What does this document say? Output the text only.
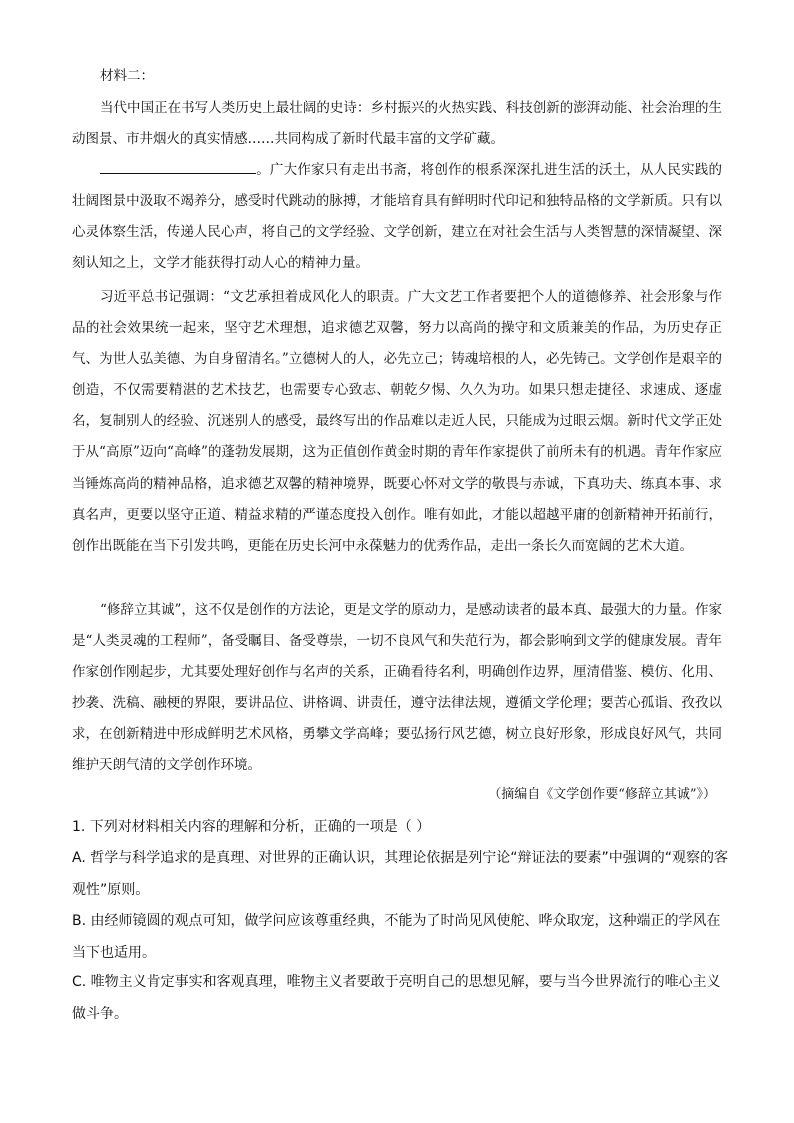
材料二：
当代中国正在书写人类历史上最壮阔的史诗：乡村振兴的火热实践、科技创新的澎湃动能、社会治理的生动图景、市井烟火的真实情感……共同构成了新时代最丰富的文学矿藏。
。广大作家只有走出书斋，将创作的根系深深扎进生活的沃土，从人民实践的壮阔图景中汲取不竭养分，感受时代跳动的脉搏，才能培育具有鲜明时代印记和独特品格的文学新质。只有以心灵体察生活，传递人民心声，将自己的文学经验、文学创新，建立在对社会生活与人类智慧的深情凝望、深刻认知之上，文学才能获得打动人心的精神力量。
习近平总书记强调：“文艺承担着成风化人的职责。广大文艺工作者要把个人的道德修养、社会形象与作品的社会效果统一起来，坚守艺术理想，追求德艺双馨，努力以高尚的操守和文质兼美的作品，为历史存正气、为世人弘美德、为自身留清名。”立德树人的人，必先立己；铸魂培根的人，必先铸己。文学创作是艰辛的创造，不仅需要精湛的艺术技艺，也需要专心致志、朝乾夕惕、久久为功。如果只想走捷径、求速成、逐虚名，复制别人的经验、沉迷别人的感受，最终写出的作品难以走近人民，只能成为过眼云烟。新时代文学正处于从“高原”迈向“高峰”的蓬勃发展期，这为正值创作黄金时期的青年作家提供了前所未有的机遇。青年作家应当锤炼高尚的精神品格，追求德艺双馨的精神境界，既要心怀对文学的敬畏与赤诚，下真功夫、练真本事、求真名声，更要以坚守正道、精益求精的严谨态度投入创作。唯有如此，才能以超越平庸的创新精神开拓前行，创作出既能在当下引发共鸣，更能在历史长河中永葆魅力的优秀作品，走出一条长久而宽阔的艺术大道。
“修辞立其诚”，这不仅是创作的方法论，更是文学的原动力，是感动读者的最本真、最强大的力量。作家是“人类灵魂的工程师”，备受瞩目、备受尊崇，一切不良风气和失范行为，都会影响到文学的健康发展。青年作家创作刚起步，尤其要处理好创作与名声的关系，正确看待名利，明确创作边界，厘清借鉴、模仿、化用、抄袭、洗稿、融梗的界限，要讲品位、讲格调、讲责任，遵守法律法规，遵循文学伦理；要苦心孤诣、孜孜以求，在创新精进中形成鲜明艺术风格，勇攀文学高峰；要弘扬行风艺德，树立良好形象，形成良好风气，共同维护天朗气清的文学创作环境。
（摘编自《文学创作要“修辞立其诚”》）
1. 下列对材料相关内容的理解和分析，正确的一项是（ ）
A. 哲学与科学追求的是真理、对世界的正确认识，其理论依据是列宁论“辩证法的要素”中强调的“观察的客观性”原则。
B. 由经师镜圆的观点可知，做学问应该尊重经典，不能为了时尚见风使舵、哗众取宠，这种端正的学风在当下也适用。
C. 唯物主义肯定事实和客观真理，唯物主义者要敢于亮明自己的思想见解，要与当今世界流行的唯心主义做斗争。
